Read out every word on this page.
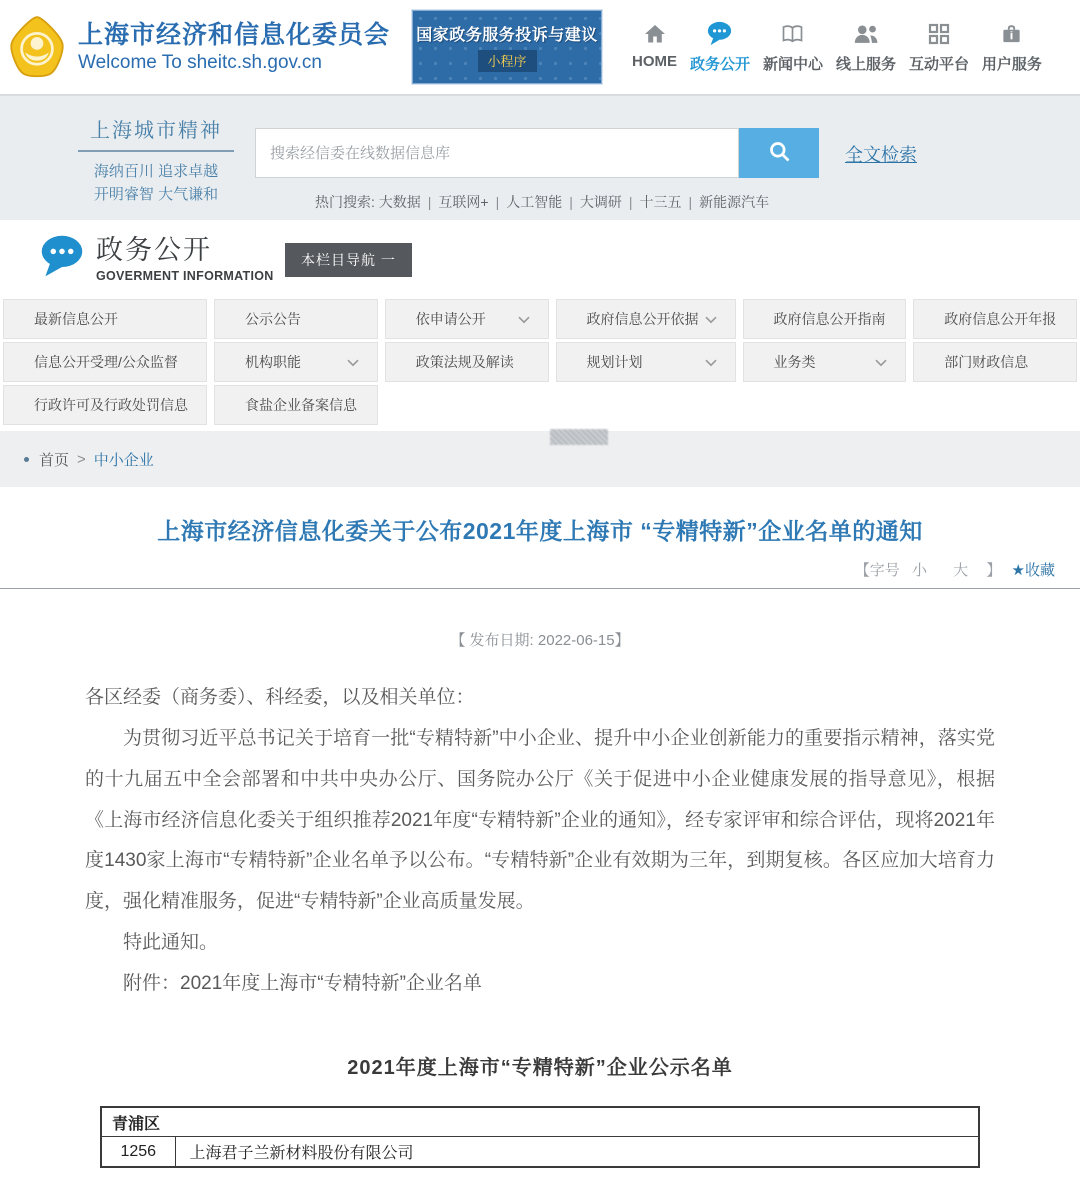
上海市经济和信息化委员会
Welcome To sheitc.sh.gov.cn
国家政务服务投诉与建议
小程序	HOME 政务公开 新闻中心 线上服务 互动平台 用户服务
上海城市精神
海纳百川 追求卓越
开明睿智 大气谦和
搜索经信委在线数据信息库
全文检索
热门搜索: 大数据 | 互联网+ | 人工智能 | 大调研 | 十三五 | 新能源汽车
政务公开
GOVERMENT INFORMATION
本栏目导航 一
最新信息公开	公示公告	依申请公开	政府信息公开依据	政府信息公开指南	政府信息公开年报
信息公开受理/公众监督	机构职能	政策法规及解读	规划计划	业务类	部门财政信息
行政许可及行政处罚信息	食盐企业备案信息
首页 > 中小企业
上海市经济信息化委关于公布2021年度上海市 “专精特新”企业名单的通知
【字号 小 大 】 ★收藏
【 发布日期: 2022-06-15】

各区经委（商务委）、科经委，以及相关单位：

为贯彻习近平总书记关于培育一批“专精特新”中小企业、提升中小企业创新能力的重要指示精神，落实党的十九届五中全会部署和中共中央办公厅、国务院办公厅《关于促进中小企业健康发展的指导意见》，根据《上海市经济信息化委关于组织推荐2021年度“专精特新”企业的通知》，经专家评审和综合评估，现将2021年度1430家上海市“专精特新”企业名单予以公布。“专精特新”企业有效期为三年，到期复核。各区应加大培育力度，强化精准服务，促进“专精特新”企业高质量发展。

特此通知。

附件：2021年度上海市“专精特新”企业名单

2021年度上海市“专精特新”企业公示名单
青浦区
1256	上海君子兰新材料股份有限公司
